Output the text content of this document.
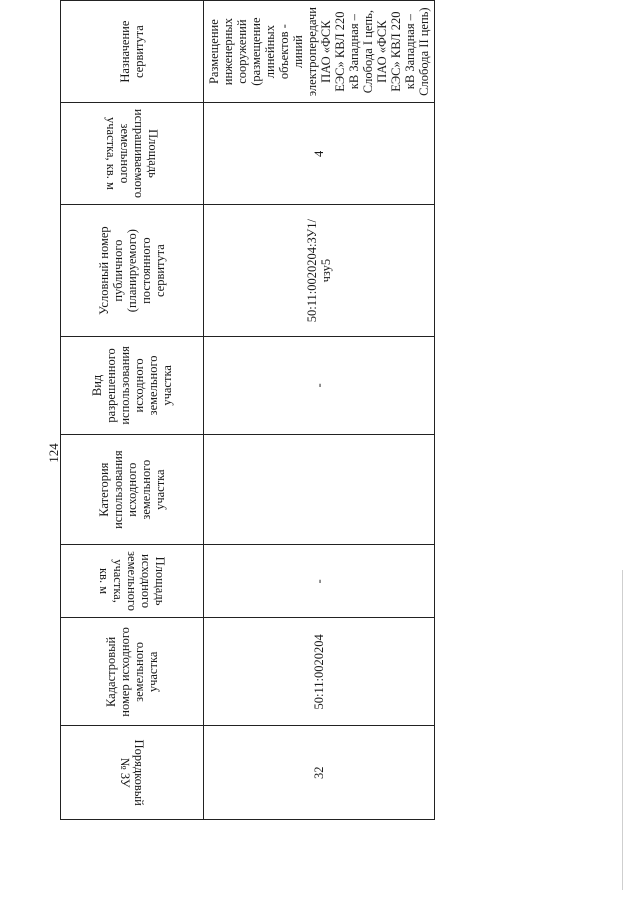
124
Порядковый № ЗУ	Кадастровый номер исходного земельного участка	Площадь исходного земельного участка, кв. м	Категория использования исходного земельного участка	Вид разрешенного использования исходного земельного участка	Условный номер публичного (планируемого) постоянного сервитута	Площадь испрашиваемого земельного участка, кв. м	Назначение сервитута

32	50:11:0020204	-		-	50:11:0020204:ЗУ1/чзу5	4	Размещение инженерных сооружений (размещение линейных объектов - линий электропередачи ПАО «ФСК ЕЭС» КВЛ 220 кВ Западная – Слобода I цепь, ПАО «ФСК ЕЭС» КВЛ 220 кВ Западная – Слобода II цепь)
